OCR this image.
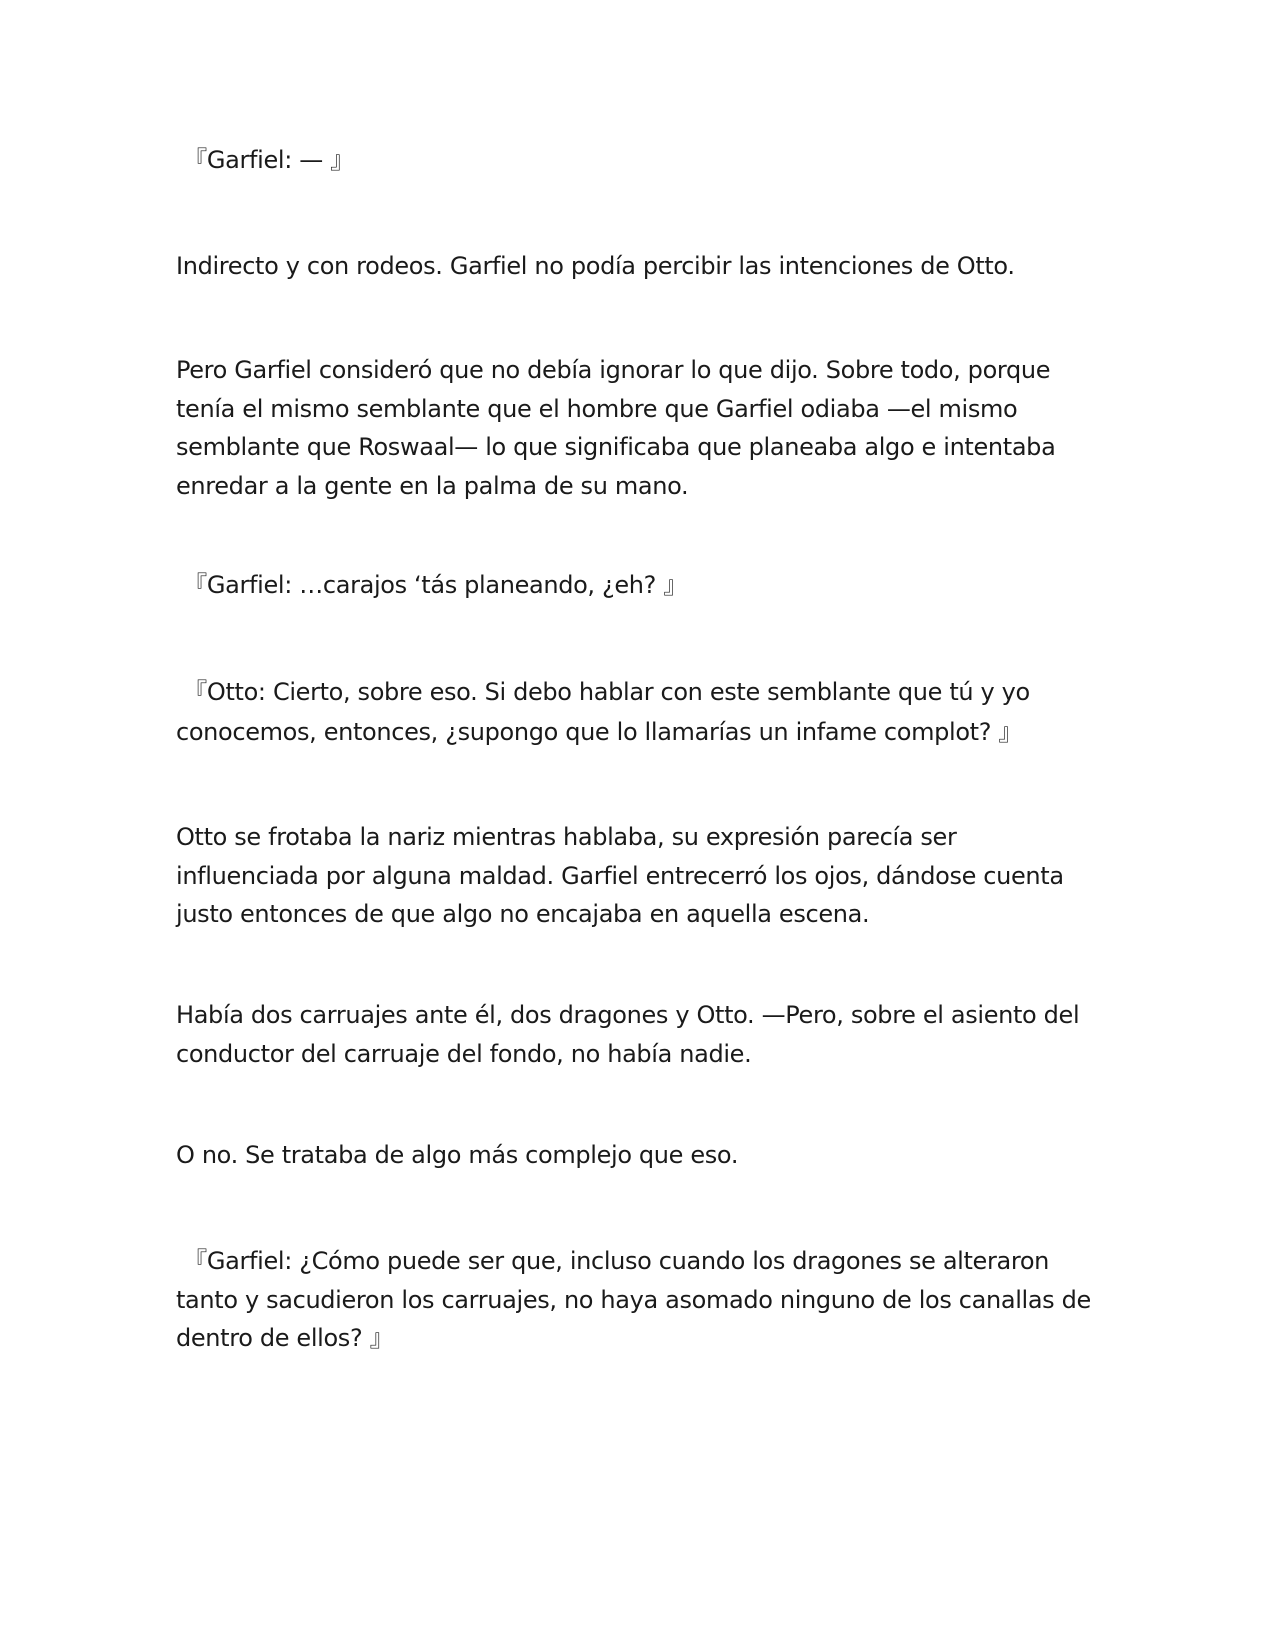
『Garfiel: — 』

Indirecto y con rodeos. Garfiel no podía percibir las intenciones de Otto.

Pero Garfiel consideró que no debía ignorar lo que dijo. Sobre todo, porque
tenía el mismo semblante que el hombre que Garfiel odiaba —el mismo
semblante que Roswaal— lo que significaba que planeaba algo e intentaba
enredar a la gente en la palma de su mano.

『Garfiel: …carajos ‘tás planeando, ¿eh? 』

『Otto: Cierto, sobre eso. Si debo hablar con este semblante que tú y yo
conocemos, entonces, ¿supongo que lo llamarías un infame complot? 』

Otto se frotaba la nariz mientras hablaba, su expresión parecía ser
influenciada por alguna maldad. Garfiel entrecerró los ojos, dándose cuenta
justo entonces de que algo no encajaba en aquella escena.

Había dos carruajes ante él, dos dragones y Otto. —Pero, sobre el asiento del
conductor del carruaje del fondo, no había nadie.

O no. Se trataba de algo más complejo que eso.

『Garfiel: ¿Cómo puede ser que, incluso cuando los dragones se alteraron
tanto y sacudieron los carruajes, no haya asomado ninguno de los canallas de
dentro de ellos? 』
